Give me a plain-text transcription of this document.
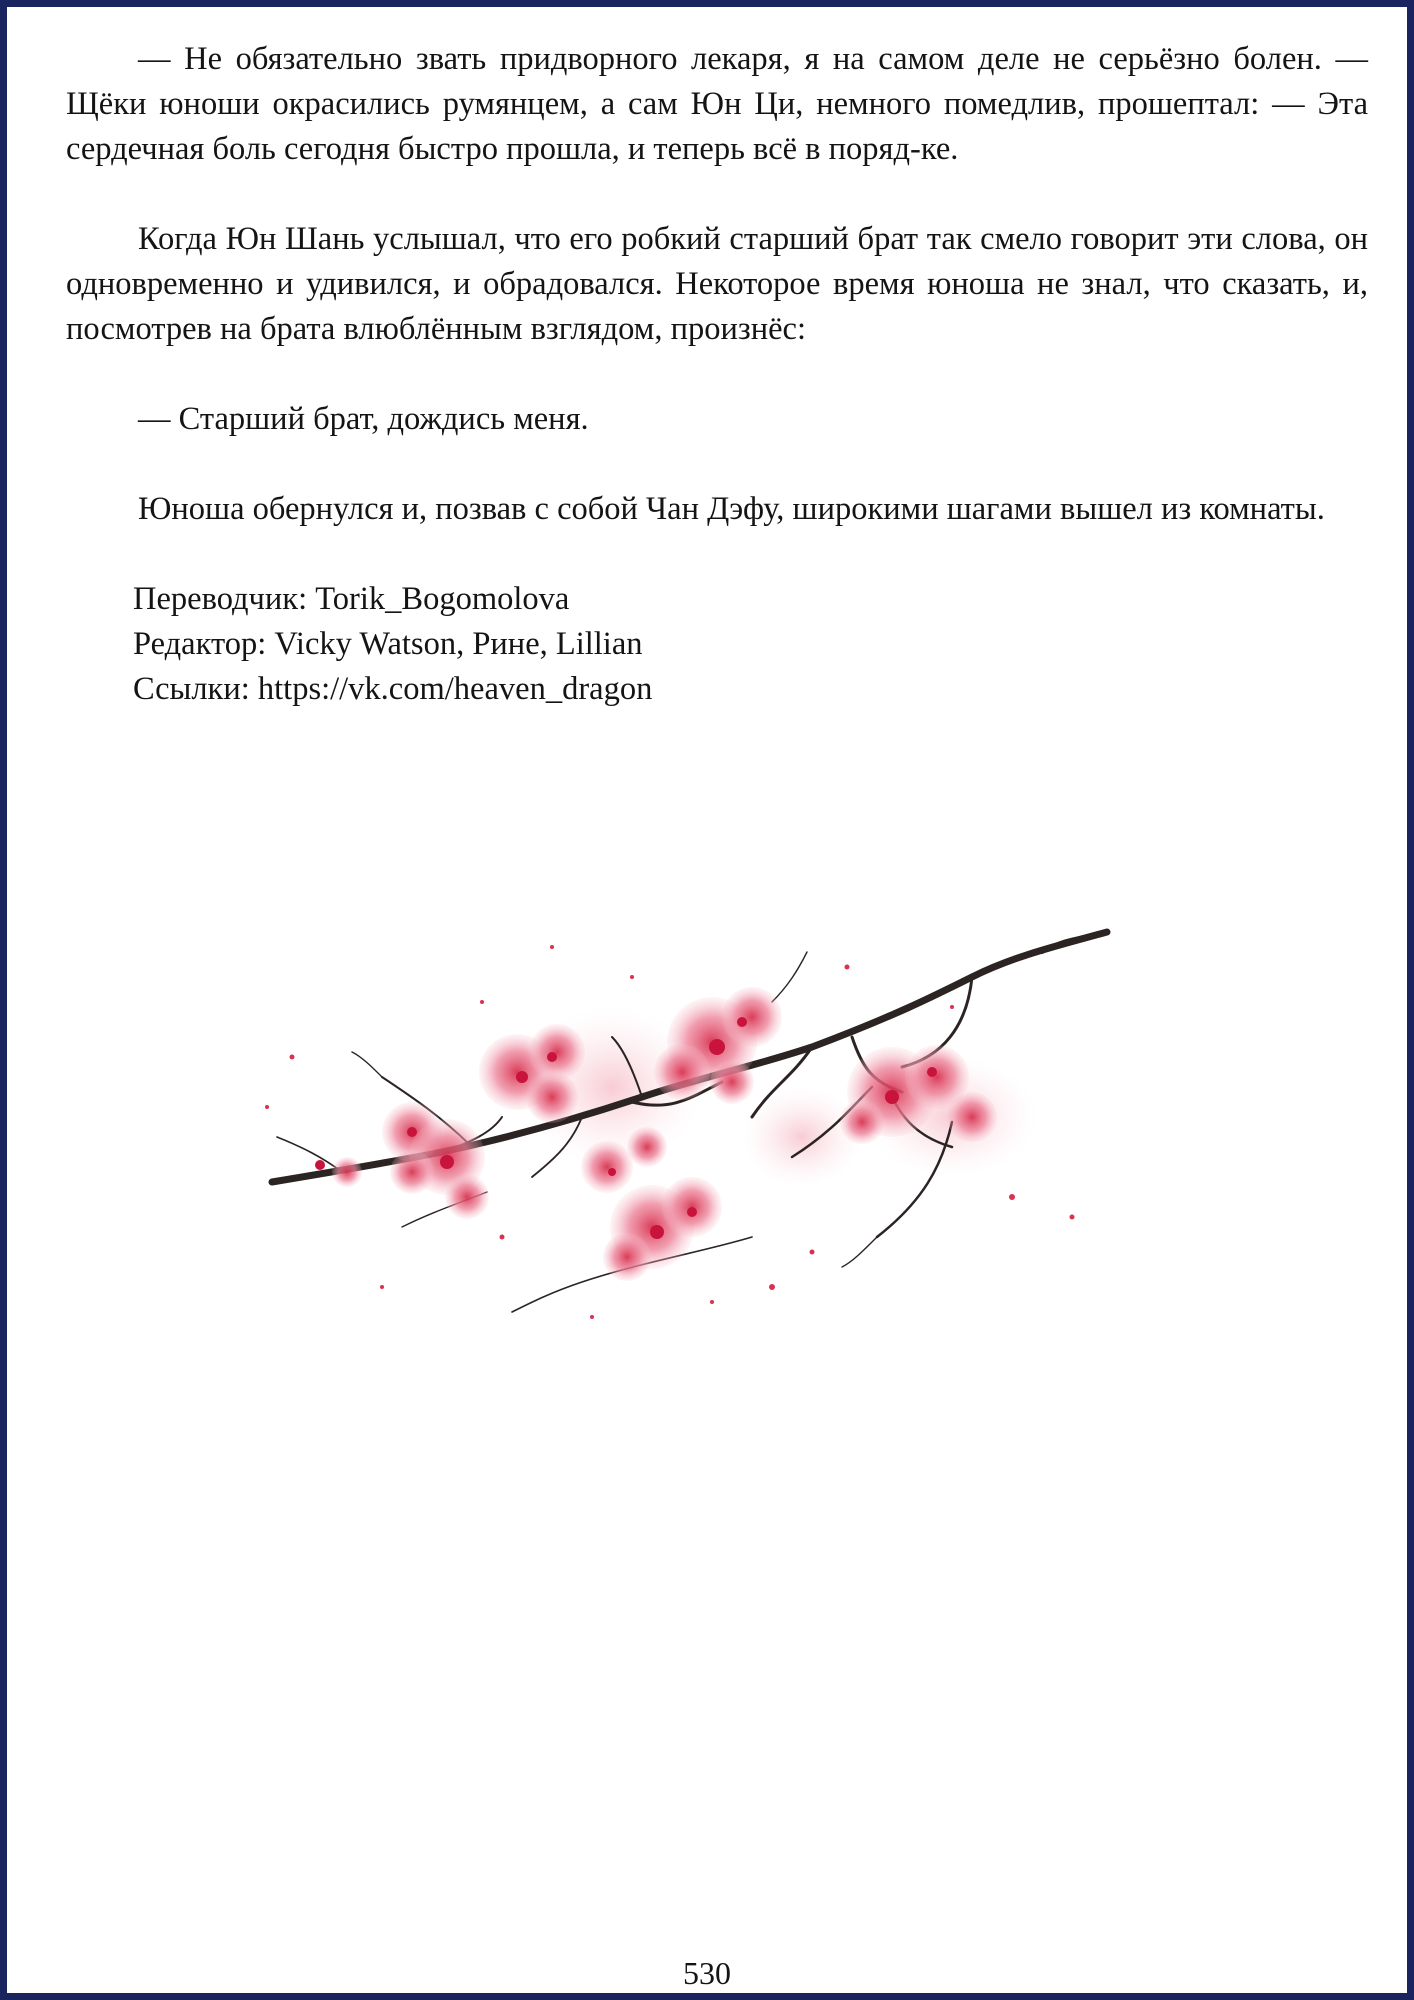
— Не обязательно звать придворного лекаря, я на самом деле не серьёзно болен. — Щёки юноши окрасились румянцем, а сам Юн Ци, немного помедлив, прошептал: — Эта сердечная боль сегодня быстро прошла, и теперь всё в поряд-ке.

Когда Юн Шань услышал, что его робкий старший брат так смело говорит эти слова, он одновременно и удивился, и обрадовался. Некоторое время юноша не знал, что сказать, и, посмотрев на брата влюблённым взглядом, произнёс:

— Старший брат, дождись меня.

Юноша обернулся и, позвав с собой Чан Дэфу, широкими шагами вышел из комнаты.

Переводчик: Torik_Bogomolova
Редактор: Vicky Watson, Рине, Lillian
Ссылки: https://vk.com/heaven_dragon
530
